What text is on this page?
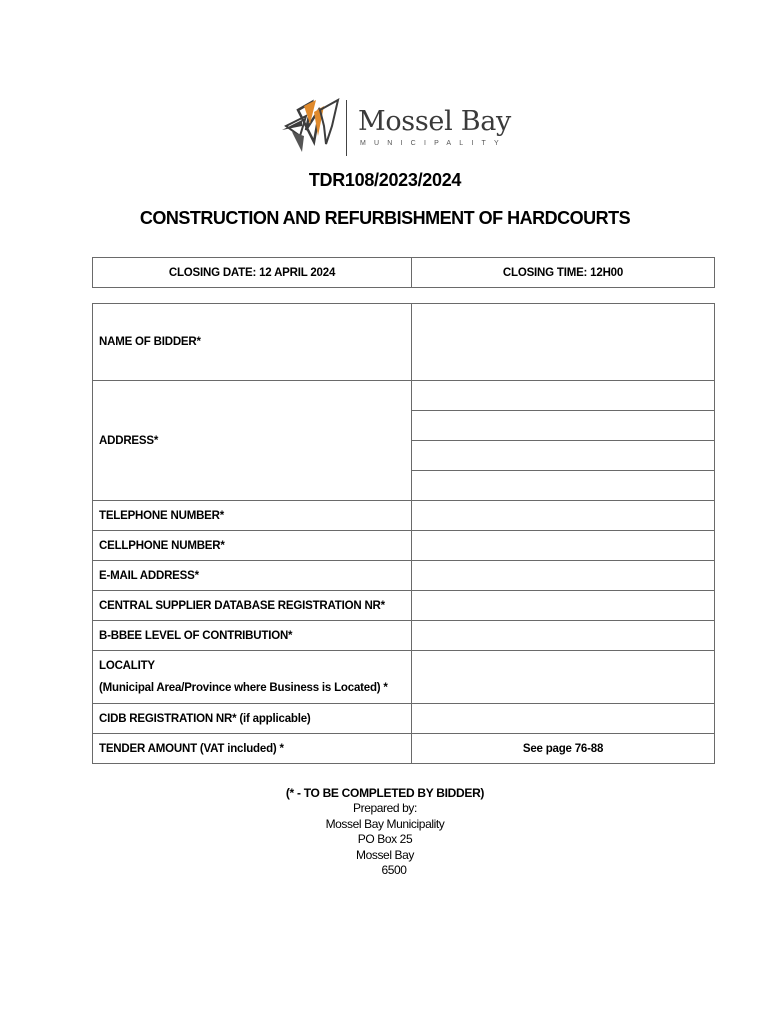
Mossel Bay
MUNICIPALITY
TDR108/2023/2024
CONSTRUCTION AND REFURBISHMENT OF HARDCOURTS
CLOSING DATE: 12 APRIL 2024	CLOSING TIME: 12H00
NAME OF BIDDER*	
ADDRESS*	

TELEPHONE NUMBER*	
CELLPHONE NUMBER*	
E-MAIL ADDRESS*	
CENTRAL SUPPLIER DATABASE REGISTRATION NR*	
B-BBEE LEVEL OF CONTRIBUTION*	

LOCALITY
(Municipal Area/Province where Business is Located) *	

CIDB REGISTRATION NR* (if applicable)	
TENDER AMOUNT (VAT included) *	See page 76-88
(* - TO BE COMPLETED BY BIDDER)
Prepared by:
Mossel Bay Municipality
PO Box 25
Mossel Bay
6500
